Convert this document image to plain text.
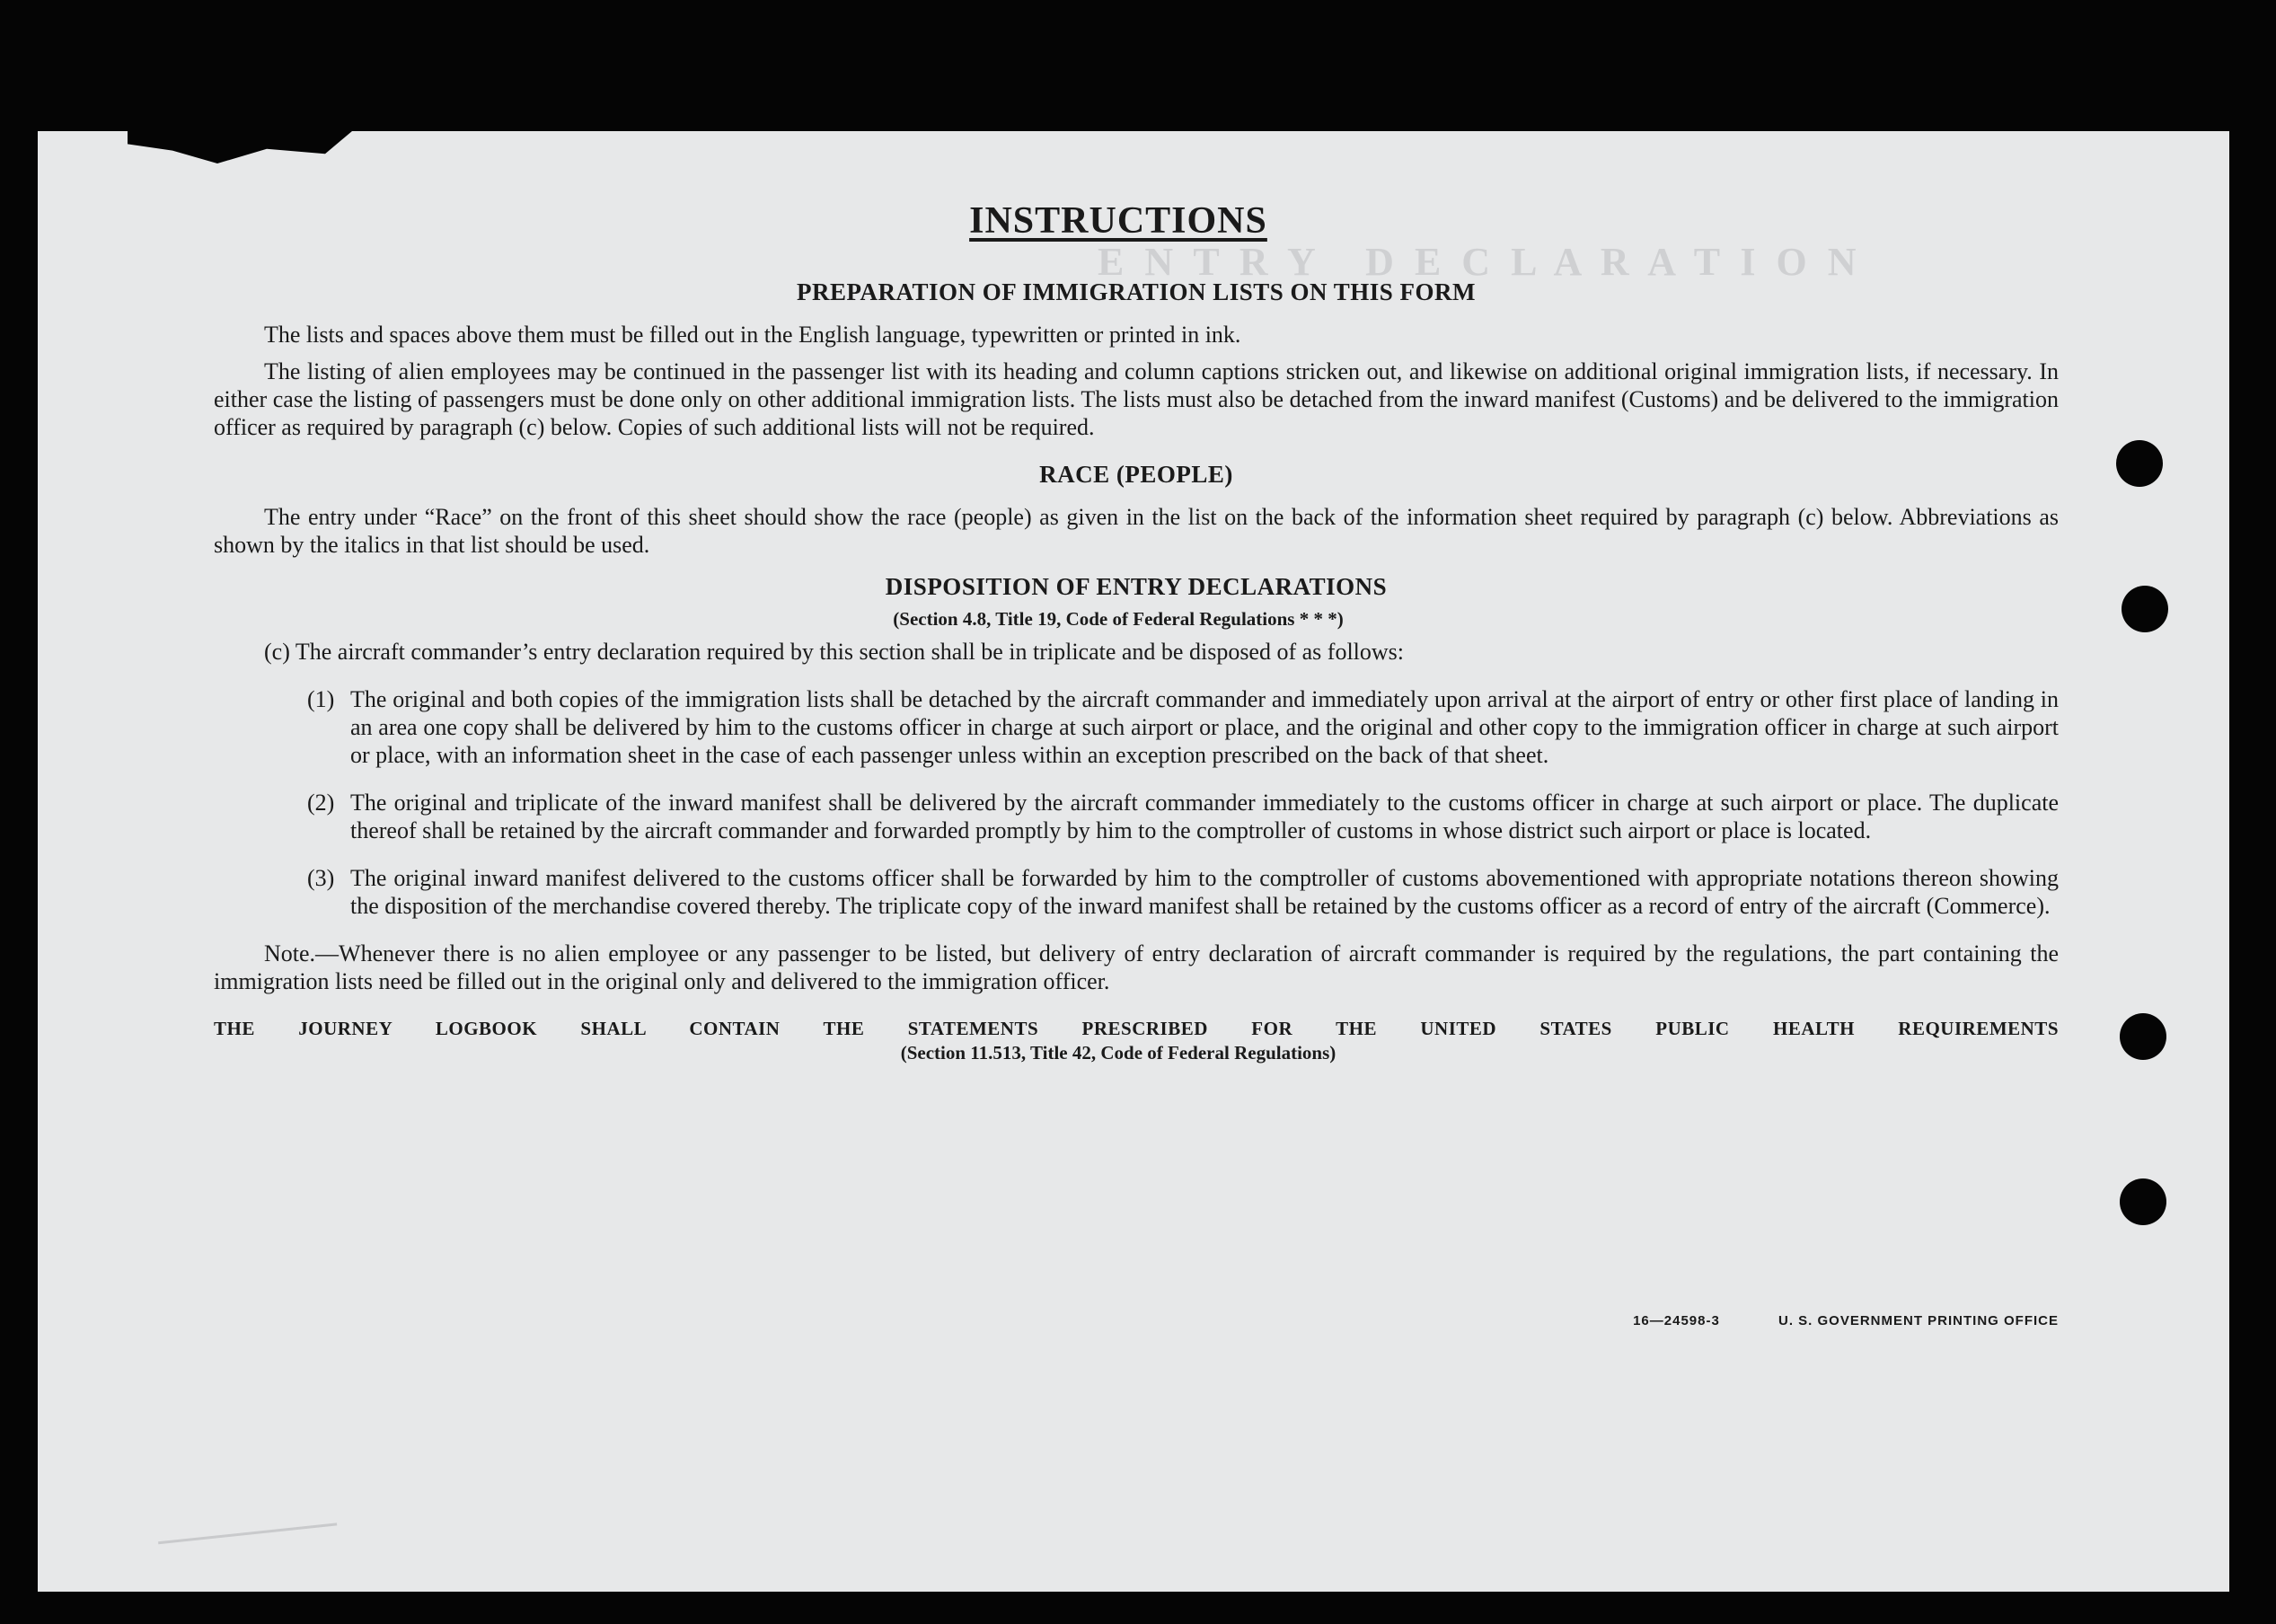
E N T R Y   D E C L A R A T I O N
INSTRUCTIONS
PREPARATION OF IMMIGRATION LISTS ON THIS FORM

The lists and spaces above them must be filled out in the English language, typewritten or printed in ink.

The listing of alien employees may be continued in the passenger list with its heading and column captions stricken out, and likewise on additional original immigration lists, if necessary. In either case the listing of passengers must be done only on other additional immigration lists. The lists must also be detached from the inward manifest (Customs) and be delivered to the immigration officer as required by paragraph (c) below. Copies of such additional lists will not be required.

RACE (PEOPLE)

The entry under “Race” on the front of this sheet should show the race (people) as given in the list on the back of the information sheet required by paragraph (c) below. Abbreviations as shown by the italics in that list should be used.

DISPOSITION OF ENTRY DECLARATIONS
(Section 4.8, Title 19, Code of Federal Regulations * * *)

(c) The aircraft commander’s entry declaration required by this section shall be in triplicate and be disposed of as follows:

(1) The original and both copies of the immigration lists shall be detached by the aircraft commander and immediately upon arrival at the airport of entry or other first place of landing in an area one copy shall be delivered by him to the customs officer in charge at such airport or place, and the original and other copy to the immigration officer in charge at such airport or place, with an information sheet in the case of each passenger unless within an exception prescribed on the back of that sheet.
(2) The original and triplicate of the inward manifest shall be delivered by the aircraft commander immediately to the customs officer in charge at such airport or place. The duplicate thereof shall be retained by the aircraft commander and forwarded promptly by him to the comptroller of customs in whose district such airport or place is located.
(3) The original inward manifest delivered to the customs officer shall be forwarded by him to the comptroller of customs abovementioned with appropriate notations thereon showing the disposition of the merchandise covered thereby. The triplicate copy of the inward manifest shall be retained by the customs officer as a record of entry of the aircraft (Commerce).

Note.—Whenever there is no alien employee or any passenger to be listed, but delivery of entry declaration of aircraft commander is required by the regulations, the part containing the immigration lists need be filled out in the original only and delivered to the immigration officer.

THE JOURNEY LOGBOOK SHALL CONTAIN THE STATEMENTS PRESCRIBED FOR THE UNITED STATES PUBLIC HEALTH REQUIREMENTS
(Section 11.513, Title 42, Code of Federal Regulations)
16—24598-3	U. S. GOVERNMENT PRINTING OFFICE
